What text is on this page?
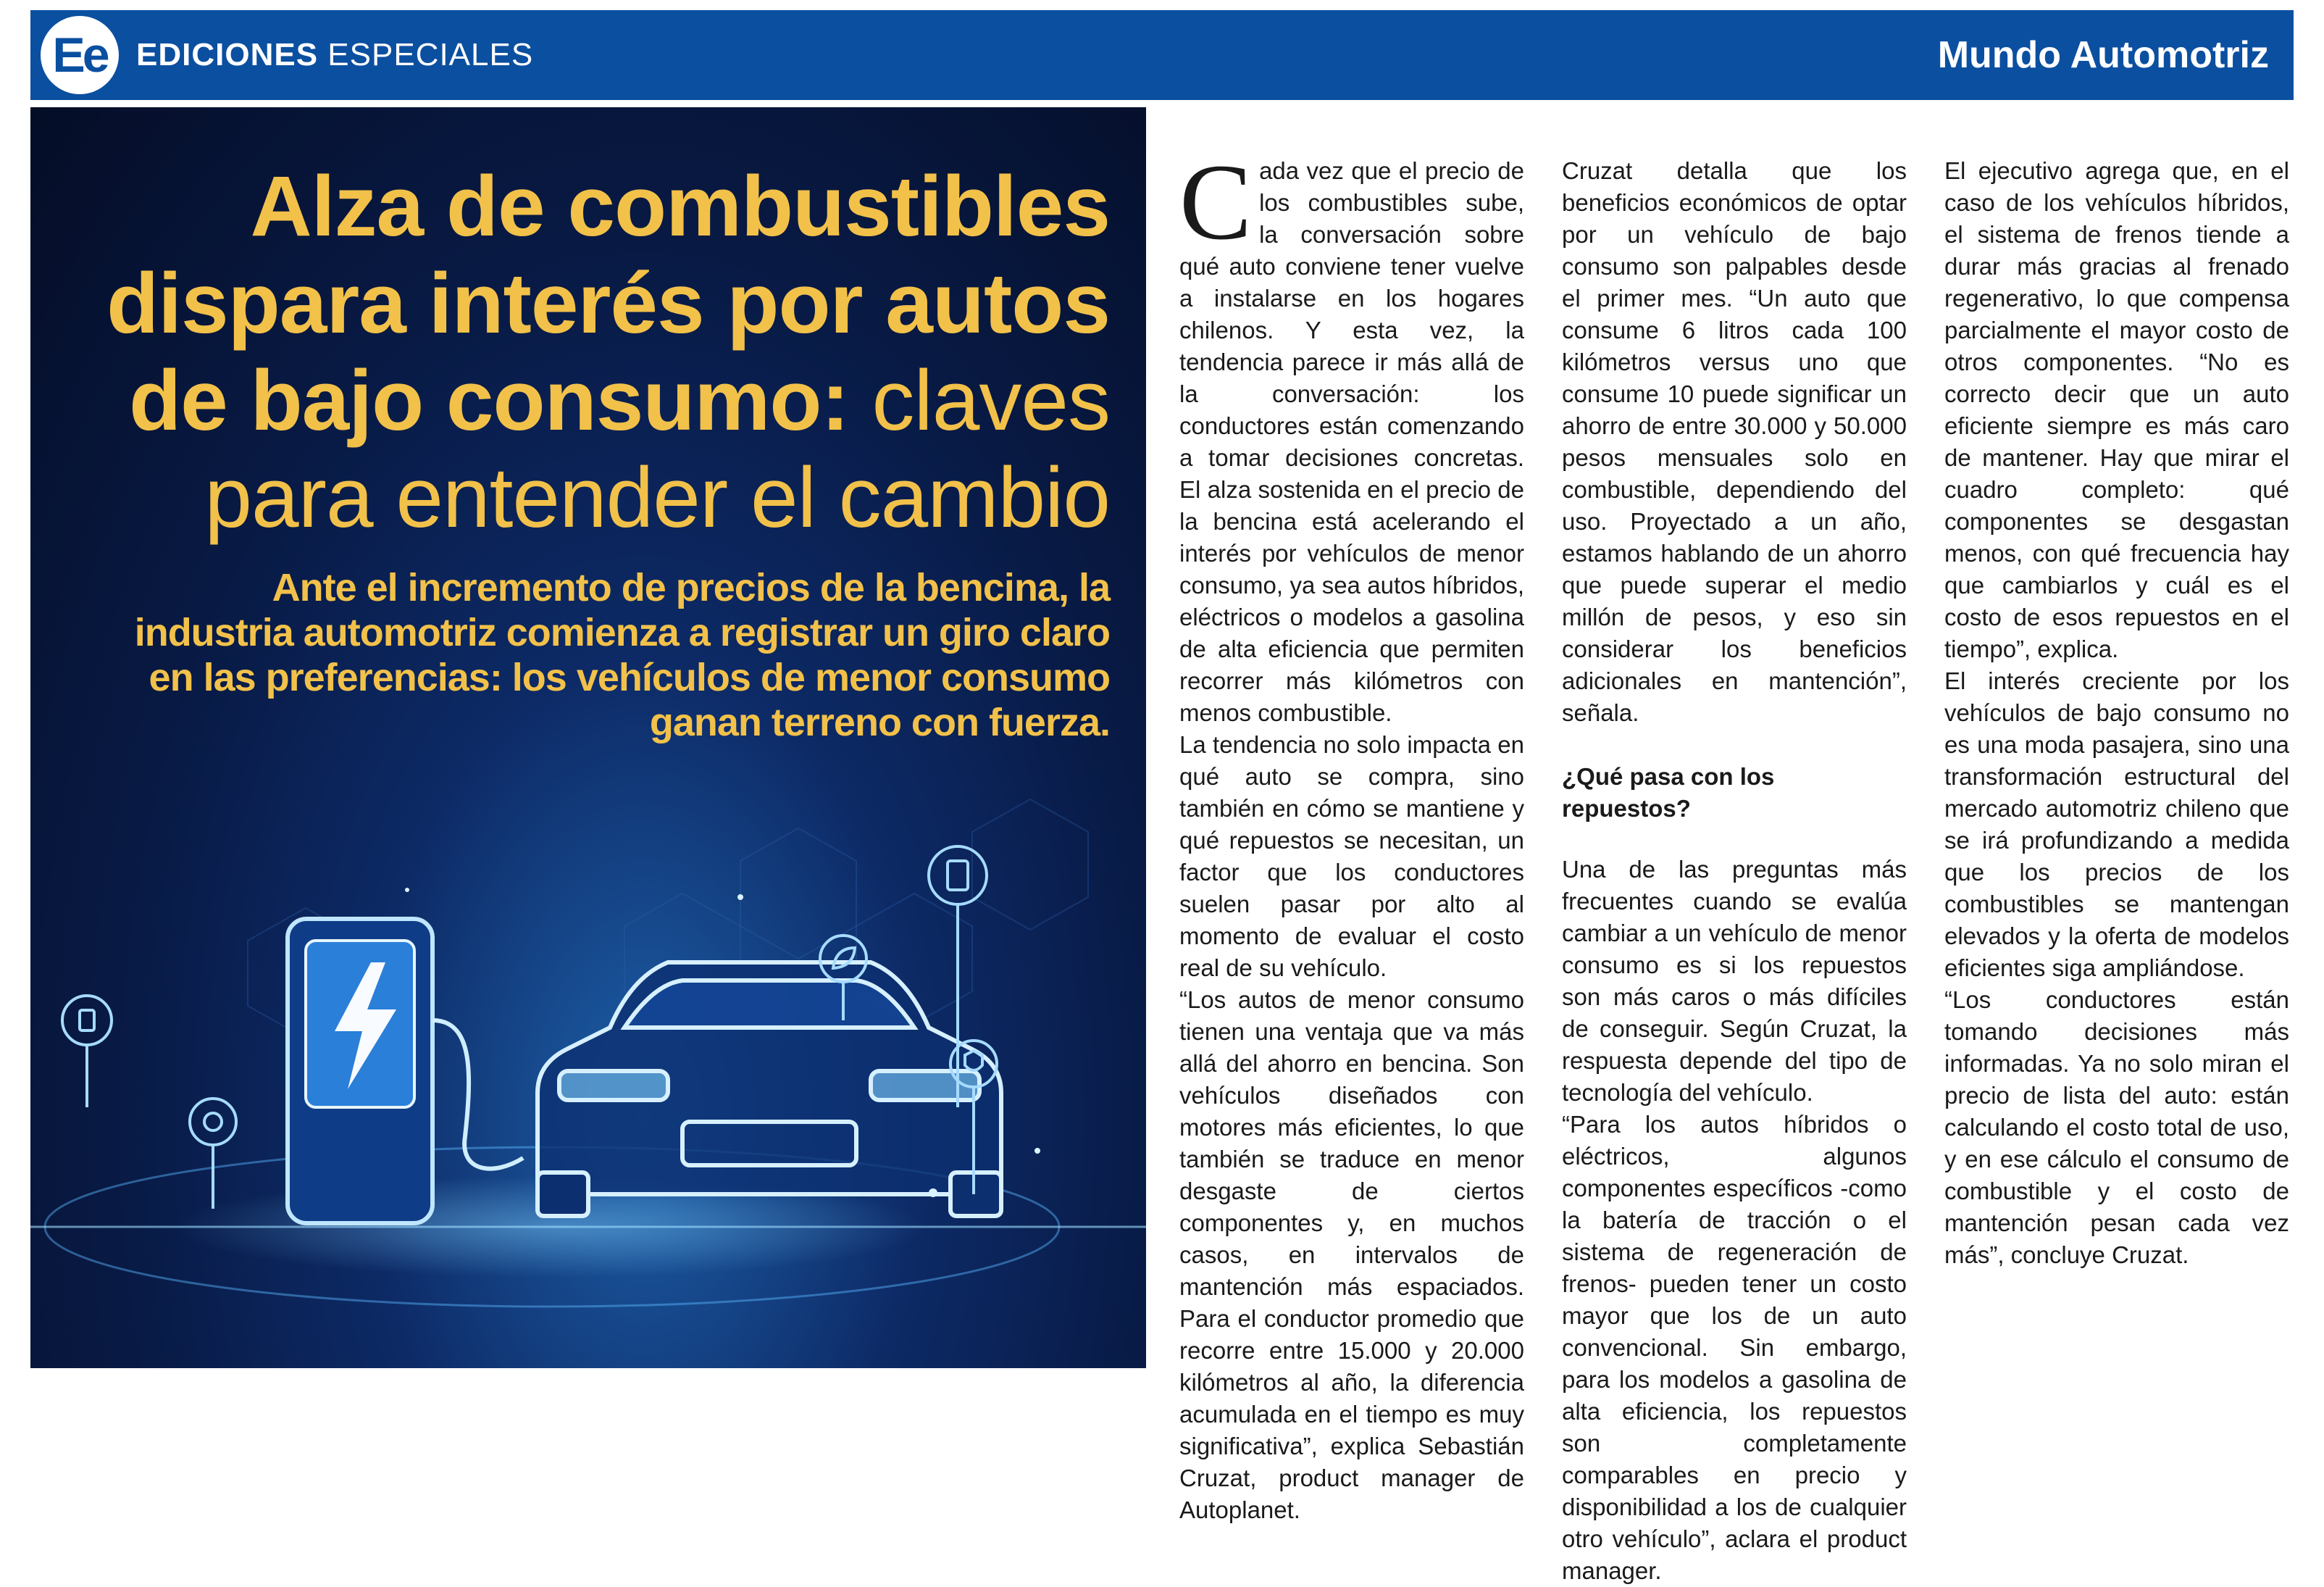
Ee EDICIONES ESPECIALES	Mundo Automotriz
Alza de combustibles dispara interés por autos de bajo consumo: claves para entender el cambio
Ante el incremento de precios de la bencina, la industria automotriz comienza a registrar un giro claro en las preferencias: los vehículos de menor consumo ganan terreno con fuerza.

Cada vez que el precio de los combustibles sube, la conversación sobre qué auto conviene tener vuelve a instalarse en los hogares chilenos. Y esta vez, la tendencia parece ir más allá de la conversación: los conductores están comenzando a tomar decisiones concretas. El alza sostenida en el precio de la bencina está acelerando el interés por vehículos de menor consumo, ya sea autos híbridos, eléctricos o modelos a gasolina de alta eficiencia que permiten recorrer más kilómetros con menos combustible.

La tendencia no solo impacta en qué auto se compra, sino también en cómo se mantiene y qué repuestos se necesitan, un factor que los conductores suelen pasar por alto al momento de evaluar el costo real de su vehículo.

“Los autos de menor consumo tienen una ventaja que va más allá del ahorro en bencina. Son vehículos diseñados con motores más eficientes, lo que también se traduce en menor desgaste de ciertos componentes y, en muchos casos, en intervalos de mantención más espaciados. Para el conductor promedio que recorre entre 15.000 y 20.000 kilómetros al año, la diferencia acumulada en el tiempo es muy significativa”, explica Sebastián Cruzat, product manager de Autoplanet.

Cruzat detalla que los beneficios económicos de optar por un vehículo de bajo consumo son palpables desde el primer mes. “Un auto que consume 6 litros cada 100 kilómetros versus uno que consume 10 puede significar un ahorro de entre 30.000 y 50.000 pesos mensuales solo en combustible, dependiendo del uso. Proyectado a un año, estamos hablando de un ahorro que puede superar el medio millón de pesos, y eso sin considerar los beneficios adicionales en mantención”, señala.

¿Qué pasa con los repuestos?

Una de las preguntas más frecuentes cuando se evalúa cambiar a un vehículo de menor consumo es si los repuestos son más caros o más difíciles de conseguir. Según Cruzat, la respuesta depende del tipo de tecnología del vehículo.

“Para los autos híbridos o eléctricos, algunos componentes específicos -como la batería de tracción o el sistema de regeneración de frenos- pueden tener un costo mayor que los de un auto convencional. Sin embargo, para los modelos a gasolina de alta eficiencia, los repuestos son completamente comparables en precio y disponibilidad a los de cualquier otro vehículo”, aclara el product manager.

El ejecutivo agrega que, en el caso de los vehículos híbridos, el sistema de frenos tiende a durar más gracias al frenado regenerativo, lo que compensa parcialmente el mayor costo de otros componentes. “No es correcto decir que un auto eficiente siempre es más caro de mantener. Hay que mirar el cuadro completo: qué componentes se desgastan menos, con qué frecuencia hay que cambiarlos y cuál es el costo de esos repuestos en el tiempo”, explica.

El interés creciente por los vehículos de bajo consumo no es una moda pasajera, sino una transformación estructural del mercado automotriz chileno que se irá profundizando a medida que los precios de los combustibles se mantengan elevados y la oferta de modelos eficientes siga ampliándose.

“Los conductores están tomando decisiones más informadas. Ya no solo miran el precio de lista del auto: están calculando el costo total de uso, y en ese cálculo el consumo de combustible y el costo de mantención pesan cada vez más”, concluye Cruzat.
